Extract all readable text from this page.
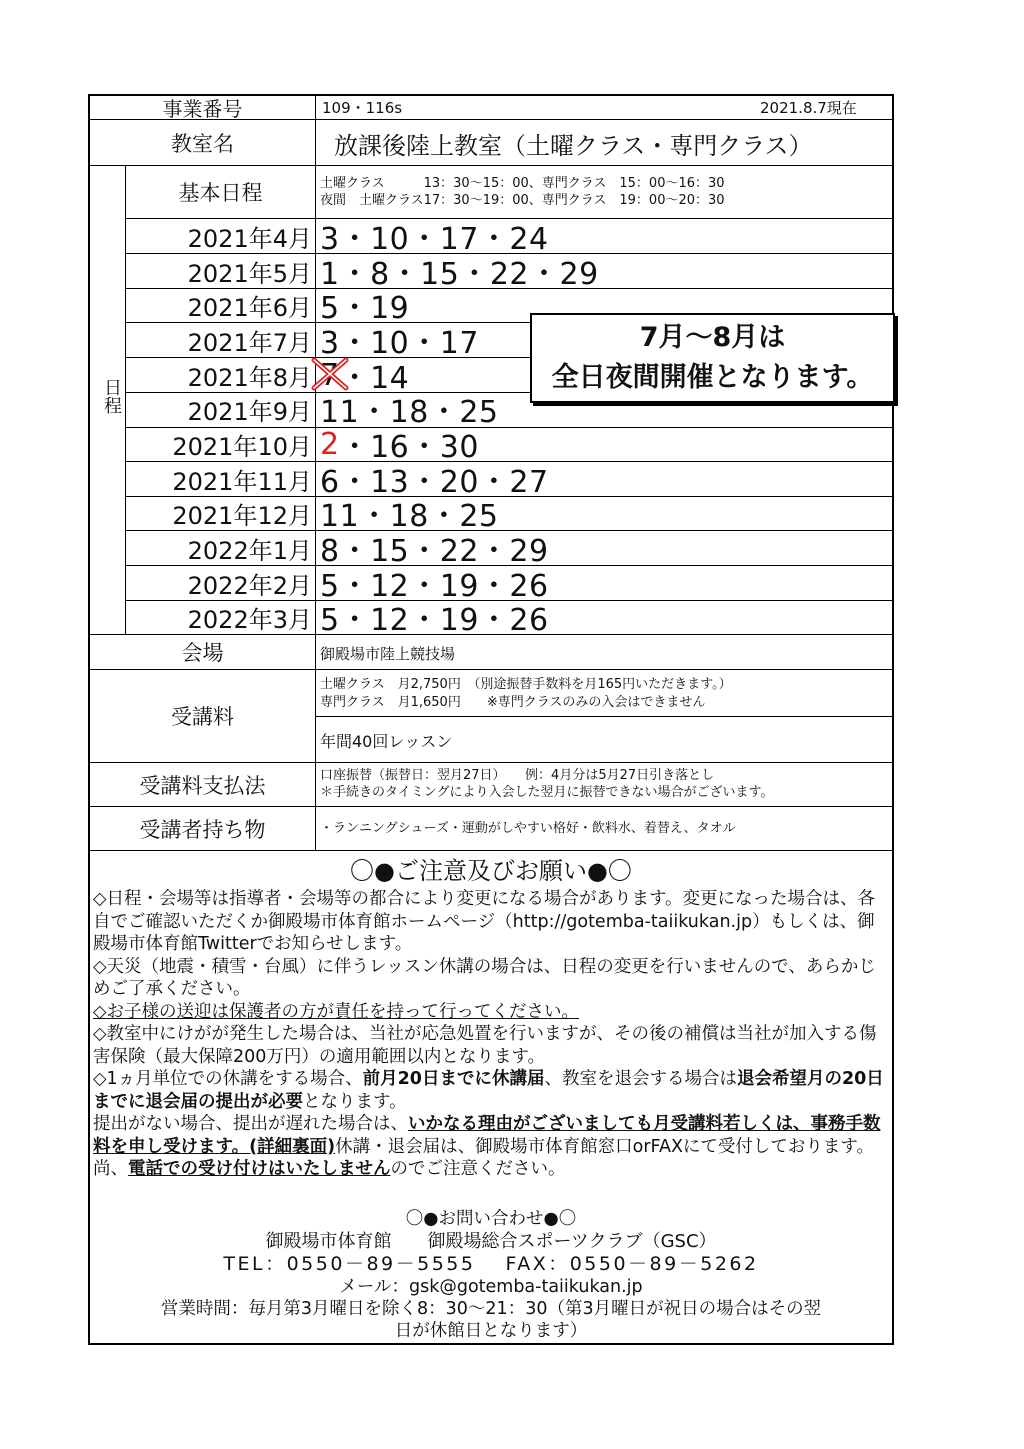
事業番号	109・116s	2021.8.7現在
教室名	放課後陸上教室（土曜クラス・専門クラス）
日程
基本日程	土曜クラス　　　13：30～15：00、専門クラス　15：00～16：30
夜間　土曜クラス17：30～19：00、専門クラス　19：00～20：30
2021年4月 3・10・17・24
2021年5月 1・8・15・22・29
2021年6月 5・19
2021年7月 3・10・17
2021年8月 7 ・14
2021年9月 11・18・25
2021年10月 2 ・16・30
2021年11月 6・13・20・27
2021年12月 11・18・25
2022年1月 8・15・22・29
2022年2月 5・12・19・26
2022年3月 5・12・19・26
7月～8月は
全日夜間開催となります。
会場	御殿場市陸上競技場
受講料
土曜クラス　月2,750円　（別途振替手数料を月165円いただきます。）
専門クラス　月1,650円　　※専門クラスのみの入会はできません
年間40回レッスン
受講料支払法	口座振替（振替日：翌月27日）　　例：4月分は5月27日引き落とし
＊手続きのタイミングにより入会した翌月に振替できない場合がございます。
受講者持ち物	・ランニングシューズ・運動がしやすい格好・飲料水、着替え、タオル
〇●ご注意及びお願い●〇

◇日程・会場等は指導者・会場等の都合により変更になる場合があります。変更になった場合は、各自でご確認いただくか御殿場市体育館ホームページ（http://gotemba-taiikukan.jp）もしくは、御殿場市体育館Twitterでお知らせします。

◇天災（地震・積雪・台風）に伴うレッスン休講の場合は、日程の変更を行いませんので、あらかじめご了承ください。

◇お子様の送迎は保護者の方が責任を持って行ってください。

◇教室中にけがが発生した場合は、当社が応急処置を行いますが、その後の補償は当社が加入する傷害保険（最大保障200万円）の適用範囲以内となります。

◇1ヵ月単位での休講をする場合、前月20日までに休講届、教室を退会する場合は退会希望月の20日までに退会届の提出が必要となります。

提出がない場合、提出が遅れた場合は、いかなる理由がございましても月受講料若しくは、事務手数料を申し受けます。(詳細裏面)休講・退会届は、御殿場市体育館窓口orFAXにて受付しております。尚、電話での受け付けはいたしませんのでご注意ください。

〇●お問い合わせ●〇
御殿場市体育館　　御殿場総合スポーツクラブ（GSC）
TEL：0550－89－5555　 FAX：0550－89－5262
メール：gsk@gotemba-taiikukan.jp
営業時間：毎月第3月曜日を除く8：30～21：30（第3月曜日が祝日の場合はその翌
日が休館日となります）
